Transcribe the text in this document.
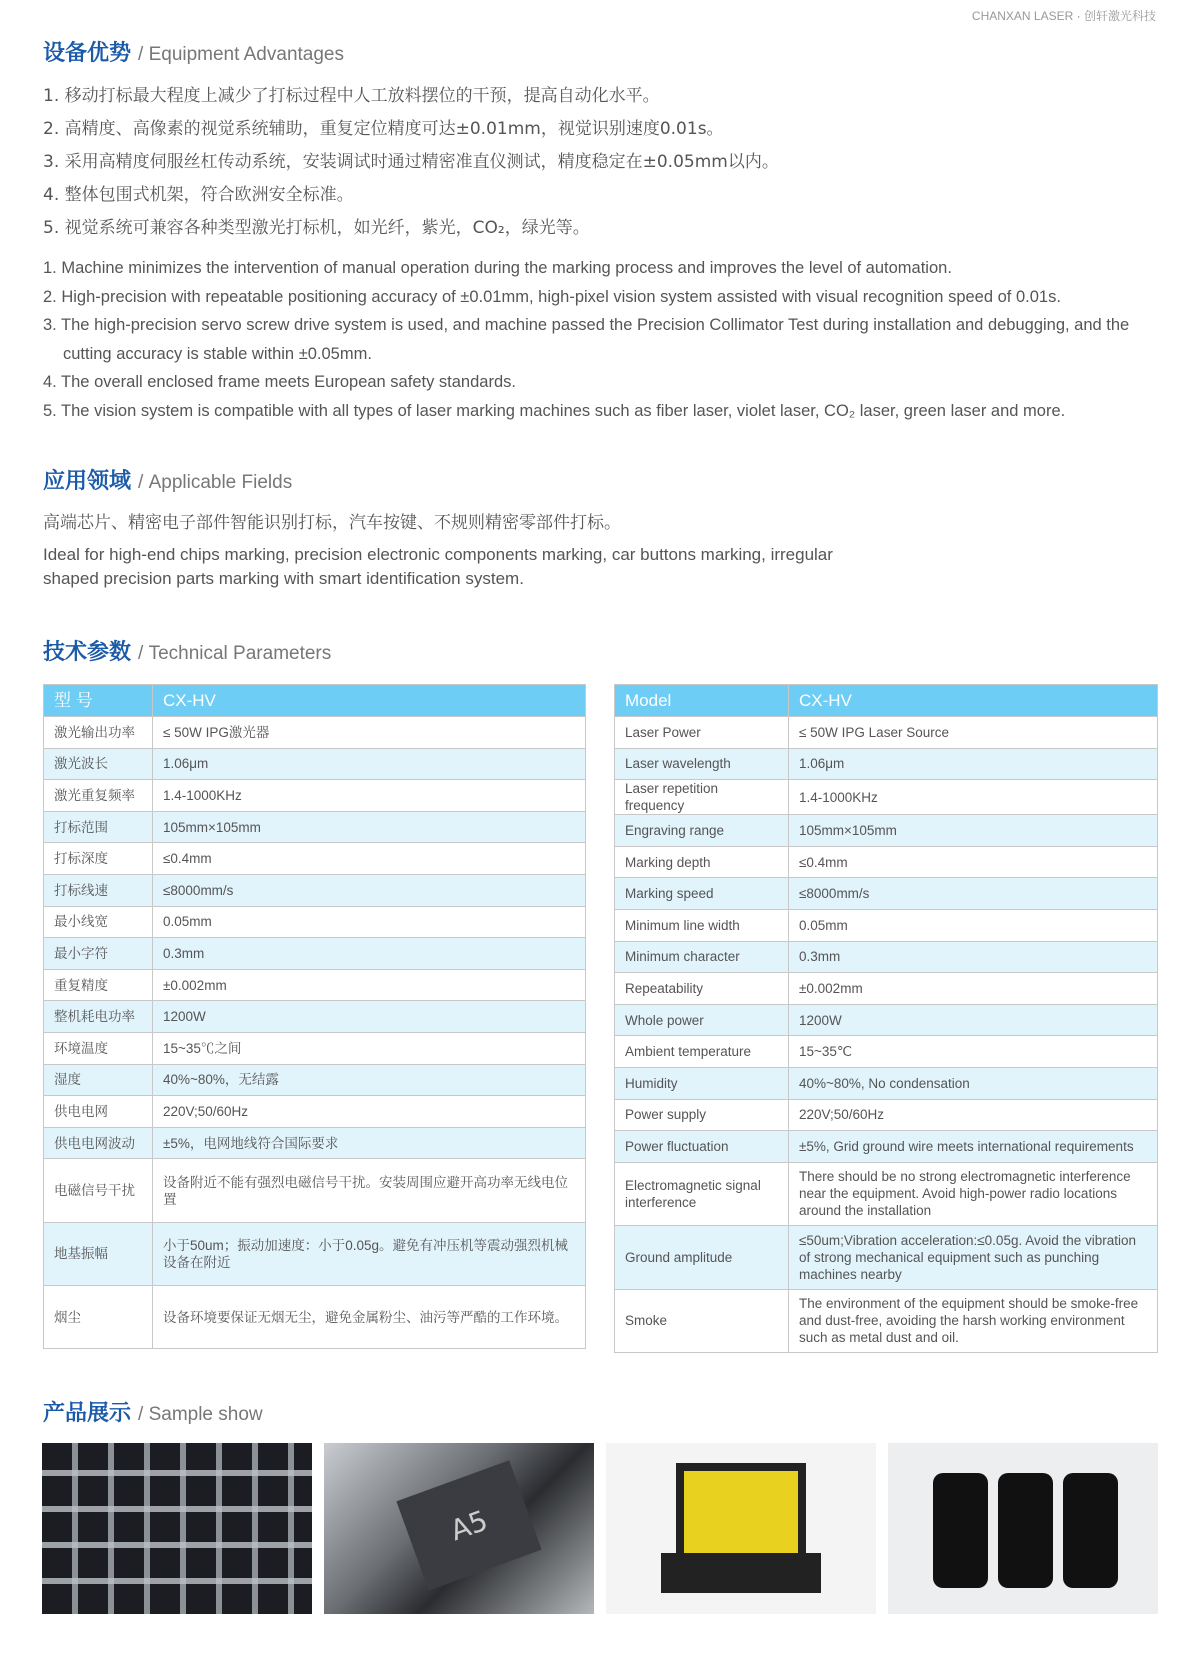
CHANXAN LASER · 创轩激光科技
设备优势 / Equipment Advantages
1. 移动打标最大程度上减少了打标过程中人工放料摆位的干预，提高自动化水平。
2. 高精度、高像素的视觉系统辅助，重复定位精度可达±0.01mm，视觉识别速度0.01s。
3. 采用高精度伺服丝杠传动系统，安装调试时通过精密准直仪测试，精度稳定在±0.05mm以内。
4. 整体包围式机架，符合欧洲安全标准。
5. 视觉系统可兼容各种类型激光打标机，如光纤，紫光，CO₂，绿光等。
1. Machine minimizes the intervention of manual operation during the marking process and improves the level of automation.
2. High-precision with repeatable positioning accuracy of ±0.01mm, high-pixel vision system assisted with visual recognition speed of 0.01s.
3. The high-precision servo screw drive system is used, and machine passed the Precision Collimator Test during installation and debugging, and the cutting accuracy is stable within ±0.05mm.
4. The overall enclosed frame meets European safety standards.
5. The vision system is compatible with all types of laser marking machines such as fiber laser, violet laser, CO₂ laser, green laser and more.
应用领域 / Applicable Fields
高端芯片、精密电子部件智能识别打标，汽车按键、不规则精密零部件打标。
Ideal for high-end chips marking, precision electronic components marking, car buttons marking, irregular shaped precision parts marking with smart identification system.
技术参数 / Technical Parameters
型 号	CX-HV
激光输出功率	≤ 50W IPG激光器
激光波长	1.06μm
激光重复频率	1.4-1000KHz
打标范围	105mm×105mm
打标深度	≤0.4mm
打标线速	≤8000mm/s
最小线宽	0.05mm
最小字符	0.3mm
重复精度	±0.002mm
整机耗电功率	1200W
环境温度	15~35℃之间
湿度	40%~80%，无结露
供电电网	220V;50/60Hz
供电电网波动	±5%，电网地线符合国际要求
电磁信号干扰	设备附近不能有强烈电磁信号干扰。安装周围应避开高功率无线电位置
地基振幅	小于50um；振动加速度：小于0.05g。避免有冲压机等震动强烈机械设备在附近
烟尘	设备环境要保证无烟无尘，避免金属粉尘、油污等严酷的工作环境。
Model	CX-HV
Laser Power	≤ 50W IPG Laser Source
Laser wavelength	1.06μm
Laser repetition frequency	1.4-1000KHz
Engraving range	105mm×105mm
Marking depth	≤0.4mm
Marking speed	≤8000mm/s
Minimum line width	0.05mm
Minimum character	0.3mm
Repeatability	±0.002mm
Whole power	1200W
Ambient temperature	15~35℃
Humidity	40%~80%, No condensation
Power supply	220V;50/60Hz
Power fluctuation	±5%, Grid ground wire meets international requirements
Electromagnetic signal interference	There should be no strong electromagnetic interference near the equipment. Avoid high-power radio locations around the installation
Ground amplitude	≤50um;Vibration acceleration:≤0.05g. Avoid the vibration of strong mechanical equipment such as punching machines nearby
Smoke	The environment of the equipment should be smoke-free and dust-free, avoiding the harsh working environment such as metal dust and oil.
产品展示 / Sample show
A5
